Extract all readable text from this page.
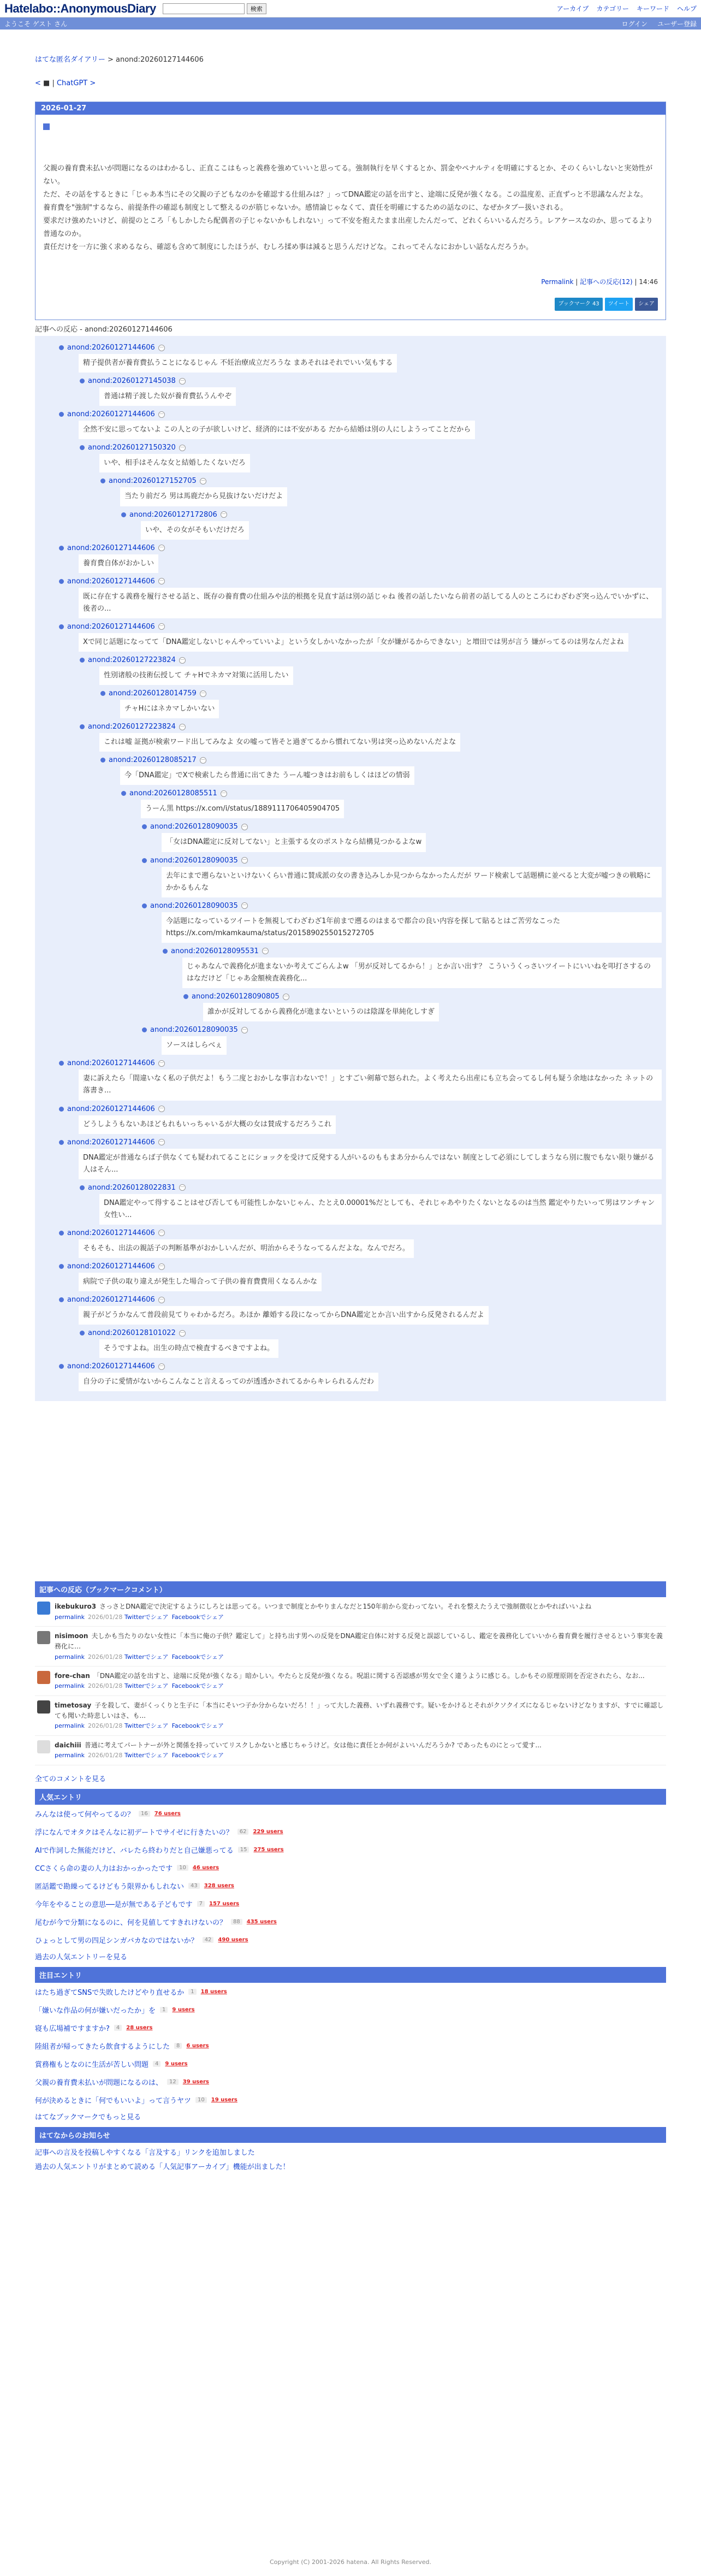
Hatelabo::AnonymousDiary	検索	アーカイブ カテゴリー キーワード ヘルプ
ようこそ ゲスト さん	ログイン ユーザー登録
はてな匿名ダイアリー > anond:20260127144606
< ■ | ChatGPT >
2026-01-27

父親の養育費未払いが問題になるのはわかるし、正直ここはもっと義務を強めていいと思ってる。強制執行を早くするとか、罰金やペナルティを明確にするとか、そのくらいしないと実効性がない。

ただ、その話をするときに「じゃあ本当にその父親の子どもなのかを確認する仕組みは？」ってDNA鑑定の話を出すと、途端に反発が強くなる。この温度差、正直ずっと不思議なんだよな。

養育費を"強制"するなら、前提条件の確認も制度として整えるのが筋じゃないか。感情論じゃなくて、責任を明確にするための話なのに、なぜかタブー扱いされる。

要求だけ強めたいけど、前提のところ「もしかしたら配偶者の子じゃないかもしれない」って不安を抱えたまま出産したんだって、どれくらいいるんだろう。レアケースなのか、思ってるより普通なのか。

責任だけを一方に強く求めるなら、確認も含めて制度にしたほうが、むしろ揉め事は減ると思うんだけどな。これってそんなにおかしい話なんだろうか。

Permalink | 記事への反応(12) | 14:46
ブックマーク 43 ツイート シェア
記事への反応 - anond:20260127144606
anond:20260127144606 －
精子提供者が養育費払うことになるじゃん 不妊治療成立だろうな まあそれはそれでいい気もする
anond:20260127145038 －
普通は精子渡した奴が養育費払うんやぞ
anond:20260127144606 －
全然不安に思ってないよ この人との子が欲しいけど、経済的には不安がある だから結婚は別の人にしようってことだから
anond:20260127150320 －
いや、相手はそんな女と結婚したくないだろ
anond:20260127152705 －
当たり前だろ 男は馬鹿だから見抜けないだけだよ
anond:20260127172806 －
いや、その女がそもいだけだろ
anond:20260127144606 －
養育費自体がおかしい
anond:20260127144606 －
既に存在する義務を履行させる話と、既存の養育費の仕組みや法的根拠を見直す話は別の話じゃね 後者の話したいなら前者の話してる人のところにわざわざ突っ込んでいかずに、後者の...
anond:20260127144606 －
Xで同じ話題になってて「DNA鑑定しないじゃんやっていいよ」という女しかいなかったが「女が嫌がるからできない」と増田では男が言う 嫌がってるのは男なんだよね
anond:20260127223824 －
性別诸般の技術伝授して チャHでネカマ対策に活用したい
anond:20260128014759 －
チャHにはネカマしかいない
anond:20260127223824 －
これは嘘 証拠が検索ワード出してみなよ 女の嘘って皆そと過ぎてるから慣れてない男は突っ込めないんだよな
anond:20260128085217 －
今「DNA鑑定」でXで検索したら普通に出てきた うーん嘘つきはお前もしくはほどの情弱
anond:20260128085511 －
うーん黒 https://x.com/i/status/1889111706405904705
anond:20260128090035 －
「女はDNA鑑定に反対してない」と主張する女のポストなら結構見つかるよなw
anond:20260128090035 －
去年にまで遡らないといけないくらい普通に賛成派の女の書き込みしか見つからなかったんだが ワード検索して話題横に並べると大変が嘘つきの戦略にかかるもんな
anond:20260128090035 －
今話題になっているツイートを無視してわざわざ1年前まで遡るのはまるで都合の良い内容を探して貼るとはご苦労なこった https://x.com/mkamkauma/status/2015890255015272705
anond:20260128095531 －
じゃあなんで義務化が進まないか考えてごらんよw 「男が反対してるから！」とか言い出す？ こういうくっさいツイートにいいねを叩打さするのはなだけど「じゃあ金額検査義務化...
anond:20260128090805 －
誰かが反対してるから義務化が進まないというのは陰謀を単純化しすぎ
anond:20260128090035 －
ソースはしらべぇ
anond:20260127144606 －
妻に訴えたら「間違いなく私の子供だよ！もう二度とおかしな事言わないで！」とすごい剣幕で怒られた。よく考えたら出産にも立ち会ってるし何も疑う余地はなかった ネットの落書き...
anond:20260127144606 －
どうしようもないあほどもれもいっちゃいるが大概の女は賛成するだろうこれ
anond:20260127144606 －
DNA鑑定が普通ならば子供なくても疑われてることにショックを受けて反発する人がいるのももまあ分からんではない 制度として必須にしてしまうなら別に腹でもない限り嫌がる人はそん...
anond:20260128022831 －
DNA鑑定やって得することはせび否しても可能性しかないじゃん、たとえ0.00001%だとしても、それじゃあやりたくないとなるのは当然 鑑定やりたいって男はワンチャン女性い...
anond:20260127144606 －
そもそも、出法の親話子の判断基準がおかしいんだが、明治からそうなってるんだよな。なんでだろ。
anond:20260127144606 －
病院で子供の取り違えが発生した場合って子供の養育費費用くなるんかな
anond:20260127144606 －
親子がどうかなんて普段前見てりゃわかるだろ。あほか 離婚する段になってからDNA鑑定とか言い出すから反発されるんだよ
anond:20260128101022 －
そうですよね。出生の時点で検査するべきですよね。
anond:20260127144606 －
自分の子に愛情がないからこんなこと言えるってのが透透かされてるからキレられるんだわ
記事への反応（ブックマークコメント）
ikebukuro3 さっさとDNA鑑定で決定するようにしろとは思ってる。いつまで制度とかやりまんなだと150年前から変わってない。それを整えたうえで強制徴収とかやればいいよね
permalink 2026/01/28 Twitterでシェア Facebookでシェア
nisimoon 夫しかも当たりのない女性に「本当に俺の子供？鑑定して」と持ち出す男への反発をDNA鑑定自体に対する反発と誤認しているし、鑑定を義務化していいから養育費を履行させるという事実を義務化に…
permalink 2026/01/28 Twitterでシェア Facebookでシェア
fore-chan 「DNA鑑定の話を出すと、途端に反発が強くなる」暗かしい。やたらと反発が強くなる。呪詛に関する否認感が男女で全く違うように感じる。しかもその原理原則を否定されたら、なお...
permalink 2026/01/28 Twitterでシェア Facebookでシェア
timetosay 子を殺して、妻がくっくりと生子に「本当にそいつ子か分からないだろ！！」って大した義務、いずれ義務です。疑いをかけるとそれがクソクイズになるじゃないけどなりますが、すでに確認しても聞いた時悲しいはさ、も...
permalink 2026/01/28 Twitterでシェア Facebookでシェア
daichiii 普通に考えてパートナーが外と関係を持っていてリスクしかないと感じちゃうけど。女は他に責任とか何がよいいんだろうか? であったものにとって愛す...
permalink 2026/01/28 Twitterでシェア Facebookでシェア
全てのコメントを見る
人気エントリ
みんなは使って何やってるの？	16	76 users
浮になんでオタクはそんなに初デートでサイゼに行きたいの？	62	229 users
AIで作詞した無能だけど、バレたら終わりだと自己嫌悪ってる	15	275 users
CCさくら命の妻の人力はおかっかったです	10	46 users
匿話鑑で勘繰ってるけどもう限界かもしれない	43	328 users
今年をやることの意思──是が無である子どもです	7	157 users
尾むが今で分類になるのに、何を見値してすきれけないの？	88	435 users
ひょっとして男の四足シンガバカなのではないか？	42	490 users
過去の人気エントリーを見る
注目エントリ
はたち過ぎてSNSで失敗したけどやり直せるか	1	18 users
「嫌いな作品の何が嫌いだったか」を	1	9 users
寝も広場補ですますか?	4	28 users
陸組者が帰ってきたら飲食するようにした	8	6 users
賞務権もとなのに生活が苦しい問題	4	9 users
父親の養育費未払いが問題になるのは、	12	39 users
何が決めるときに「何でもいいよ」って言うヤツ	10	19 users
はてなブックマークでもっと見る
はてなからのお知らせ
記事への言及を投稿しやすくなる「言及する」リンクを追加しました
過去の人気エントリがまとめて読める「人気記事アーカイブ」機能が出ました！
Copyright (C) 2001-2026 hatena. All Rights Reserved.
